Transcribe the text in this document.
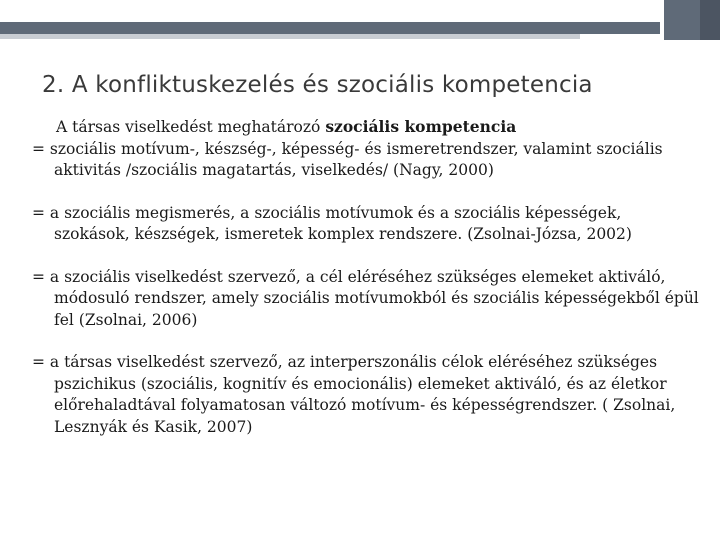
2. A konfliktuskezelés és szociális kompetencia

A társas viselkedést meghatározó szociális kompetencia

= szociális motívum-, készség-, képesség- és ismeretrendszer, valamint szociális aktivitás /szociális magatartás, viselkedés/ (Nagy, 2000)

= a szociális megismerés, a szociális motívumok és a szociális képességek, szokások, készségek, ismeretek komplex rendszere. (Zsolnai-Józsa, 2002)

= a szociális viselkedést szervező, a cél eléréséhez szükséges elemeket aktiváló, módosuló rendszer, amely szociális motívumokból és szociális képességekből épül fel (Zsolnai, 2006)

= a társas viselkedést szervező, az interperszonális célok eléréséhez szükséges pszichikus (szociális, kognitív és emocionális) elemeket aktiváló, és az életkor előrehaladtával folyamatosan változó motívum- és képességrendszer. ( Zsolnai, Lesznyák és Kasik, 2007)
